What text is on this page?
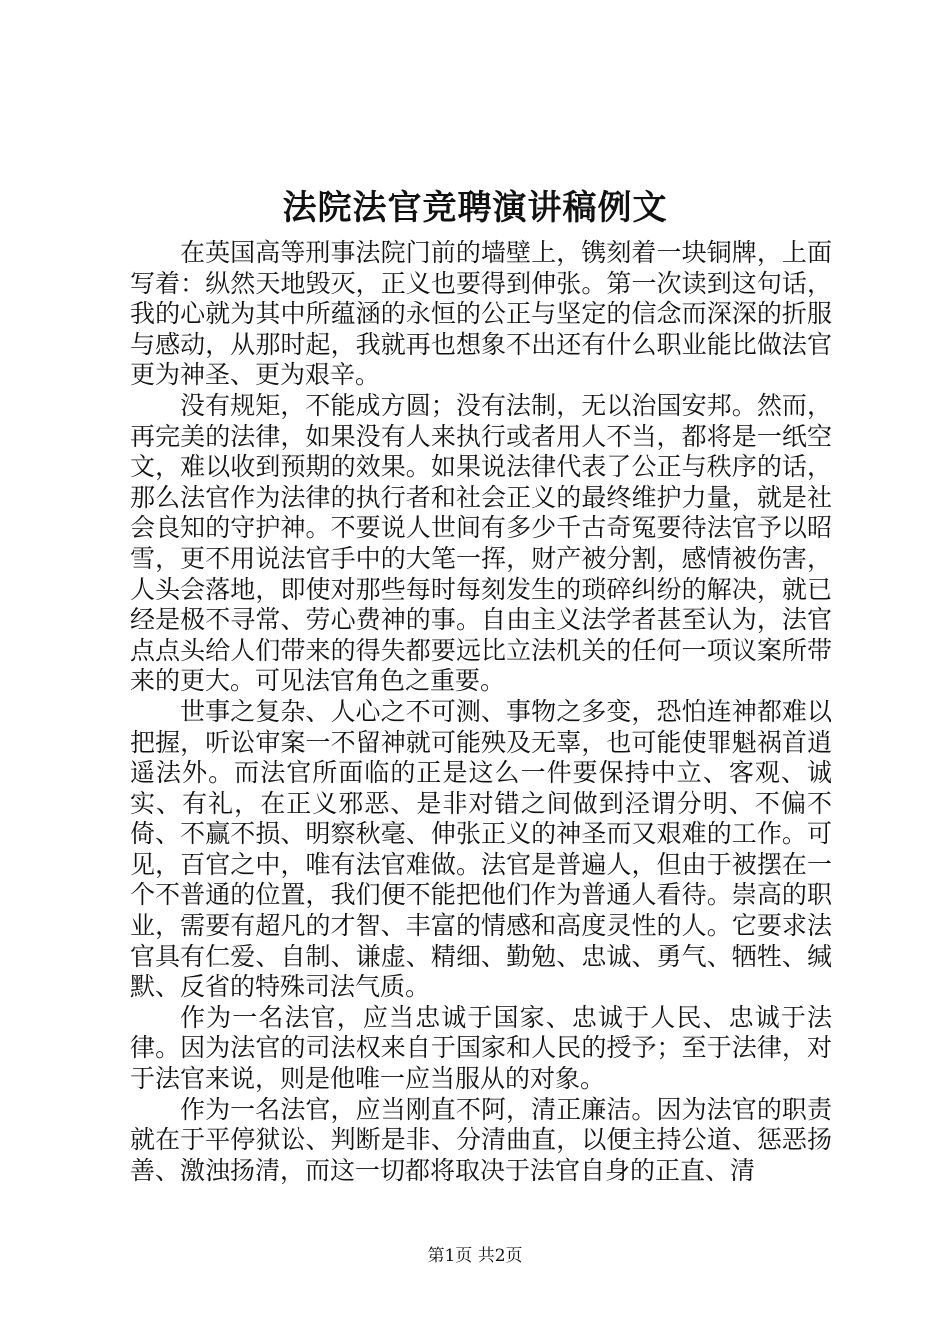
法院法官竞聘演讲稿例文

在英国高等刑事法院门前的墙壁上，镌刻着一块铜牌，上面写着：纵然天地毁灭，正义也要得到伸张。第一次读到这句话，我的心就为其中所蕴涵的永恒的公正与坚定的信念而深深的折服与感动，从那时起，我就再也想象不出还有什么职业能比做法官更为神圣、更为艰辛。

没有规矩，不能成方圆；没有法制，无以治国安邦。然而，再完美的法律，如果没有人来执行或者用人不当，都将是一纸空文，难以收到预期的效果。如果说法律代表了公正与秩序的话，那么法官作为法律的执行者和社会正义的最终维护力量，就是社会良知的守护神。不要说人世间有多少千古奇冤要待法官予以昭雪，更不用说法官手中的大笔一挥，财产被分割，感情被伤害，人头会落地，即使对那些每时每刻发生的琐碎纠纷的解决，就已经是极不寻常、劳心费神的事。自由主义法学者甚至认为，法官点点头给人们带来的得失都要远比立法机关的任何一项议案所带来的更大。可见法官角色之重要。

世事之复杂、人心之不可测、事物之多变，恐怕连神都难以把握，听讼审案一不留神就可能殃及无辜，也可能使罪魁祸首逍遥法外。而法官所面临的正是这么一件要保持中立、客观、诚实、有礼，在正义邪恶、是非对错之间做到泾谓分明、不偏不倚、不赢不损、明察秋毫、伸张正义的神圣而又艰难的工作。可见，百官之中，唯有法官难做。法官是普遍人，但由于被摆在一个不普通的位置，我们便不能把他们作为普通人看待。崇高的职业，需要有超凡的才智、丰富的情感和高度灵性的人。它要求法官具有仁爱、自制、谦虚、精细、勤勉、忠诚、勇气、牺牲、缄默、反省的特殊司法气质。

作为一名法官，应当忠诚于国家、忠诚于人民、忠诚于法律。因为法官的司法权来自于国家和人民的授予；至于法律，对于法官来说，则是他唯一应当服从的对象。

作为一名法官，应当刚直不阿，清正廉洁。因为法官的职责就在于平停狱讼、判断是非、分清曲直，以便主持公道、惩恶扬善、激浊扬清，而这一切都将取决于法官自身的正直、清

第1页 共2页
